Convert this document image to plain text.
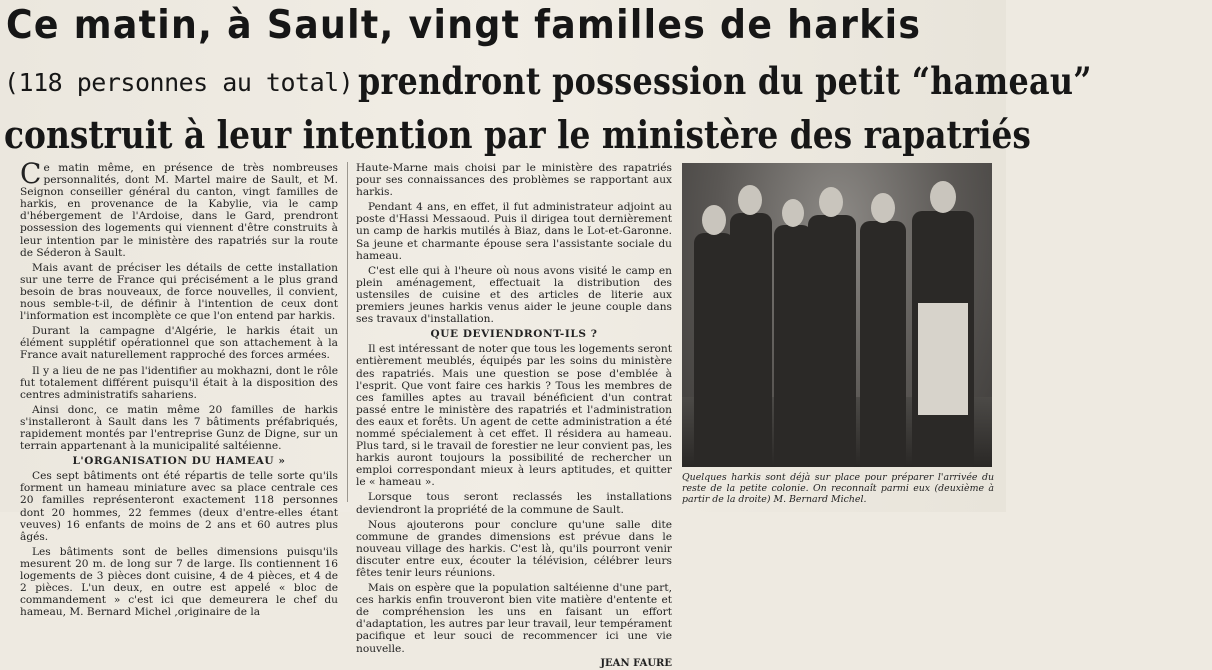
Ce matin, à Sault, vingt familles de harkis
(118 personnes au total) prendront possession du petit “hameau”
construit à leur intention par le ministère des rapatriés

Ce matin même, en présence de très nombreuses personnalités, dont M. Martel maire de Sault, et M. Seignon conseiller général du canton, vingt familles de harkis, en provenance de la Kabylie, via le camp d'hébergement de l'Ardoise, dans le Gard, prendront possession des logements qui viennent d'être construits à leur intention par le ministère des rapatriés sur la route de Séderon à Sault.

Mais avant de préciser les détails de cette installation sur une terre de France qui précisément a le plus grand besoin de bras nouveaux, de force nouvelles, il convient, nous semble-t-il, de définir à l'intention de ceux dont l'information est incomplète ce que l'on entend par harkis.

Durant la campagne d'Algérie, le harkis était un élément supplétif opérationnel que son attachement à la France avait naturellement rapproché des forces armées.

Il y a lieu de ne pas l'identifier au mokhazni, dont le rôle fut totalement différent puisqu'il était à la disposition des centres administratifs sahariens.

Ainsi donc, ce matin même 20 familles de harkis s'installeront à Sault dans les 7 bâtiments préfabriqués, rapidement montés par l'entreprise Gunz de Digne, sur un terrain appartenant à la municipalité saltéienne.

L'ORGANISATION DU HAMEAU »

Ces sept bâtiments ont été répartis de telle sorte qu'ils forment un hameau miniature avec sa place centrale ces 20 familles représenteront exactement 118 personnes dont 20 hommes, 22 femmes (deux d'entre-elles étant veuves) 16 enfants de moins de 2 ans et 60 autres plus âgés.

Les bâtiments sont de belles dimensions puisqu'ils mesurent 20 m. de long sur 7 de large. Ils contiennent 16 logements de 3 pièces dont cuisine, 4 de 4 pièces, et 4 de 2 pièces. L'un deux, en outre est appelé « bloc de commandement » c'est ici que demeurera le chef du hameau, M. Bernard Michel ,originaire de la

Haute-Marne mais choisi par le ministère des rapatriés pour ses connaissances des problèmes se rapportant aux harkis.

Pendant 4 ans, en effet, il fut administrateur adjoint au poste d'Hassi Messaoud. Puis il dirigea tout dernièrement un camp de harkis mutilés à Biaz, dans le Lot-et-Garonne. Sa jeune et charmante épouse sera l'assistante sociale du hameau.

C'est elle qui à l'heure où nous avons visité le camp en plein aménagement, effectuait la distribution des ustensiles de cuisine et des articles de literie aux premiers jeunes harkis venus aider le jeune couple dans ses travaux d'installation.

QUE DEVIENDRONT-ILS ?

Il est intéressant de noter que tous les logements seront entièrement meublés, équipés par les soins du ministère des rapatriés. Mais une question se pose d'emblée à l'esprit. Que vont faire ces harkis ? Tous les membres de ces familles aptes au travail bénéficient d'un contrat passé entre le ministère des rapatriés et l'administration des eaux et forêts. Un agent de cette administration a été nommé spécialement à cet effet. Il résidera au hameau. Plus tard, si le travail de forestier ne leur convient pas, les harkis auront toujours la possibilité de rechercher un emploi correspondant mieux à leurs aptitudes, et quitter le « hameau ».

Lorsque tous seront reclassés les installations deviendront la propriété de la commune de Sault.

Nous ajouterons pour conclure qu'une salle dite commune de grandes dimensions est prévue dans le nouveau village des harkis. C'est là, qu'ils pourront venir discuter entre eux, écouter la télévision, célébrer leurs fêtes tenir leurs réunions.

Mais on espère que la population saltéienne d'une part, ces harkis enfin trouveront bien vite matière d'entente et de compréhension les uns en faisant un effort d'adaptation, les autres par leur travail, leur tempérament pacifique et leur souci de recommencer ici une vie nouvelle.

JEAN FAURE
Quelques harkis sont déjà sur place pour préparer l'arrivée du reste de la petite colonie. On reconnaît parmi eux (deuxième à partir de la droite) M. Bernard Michel.
